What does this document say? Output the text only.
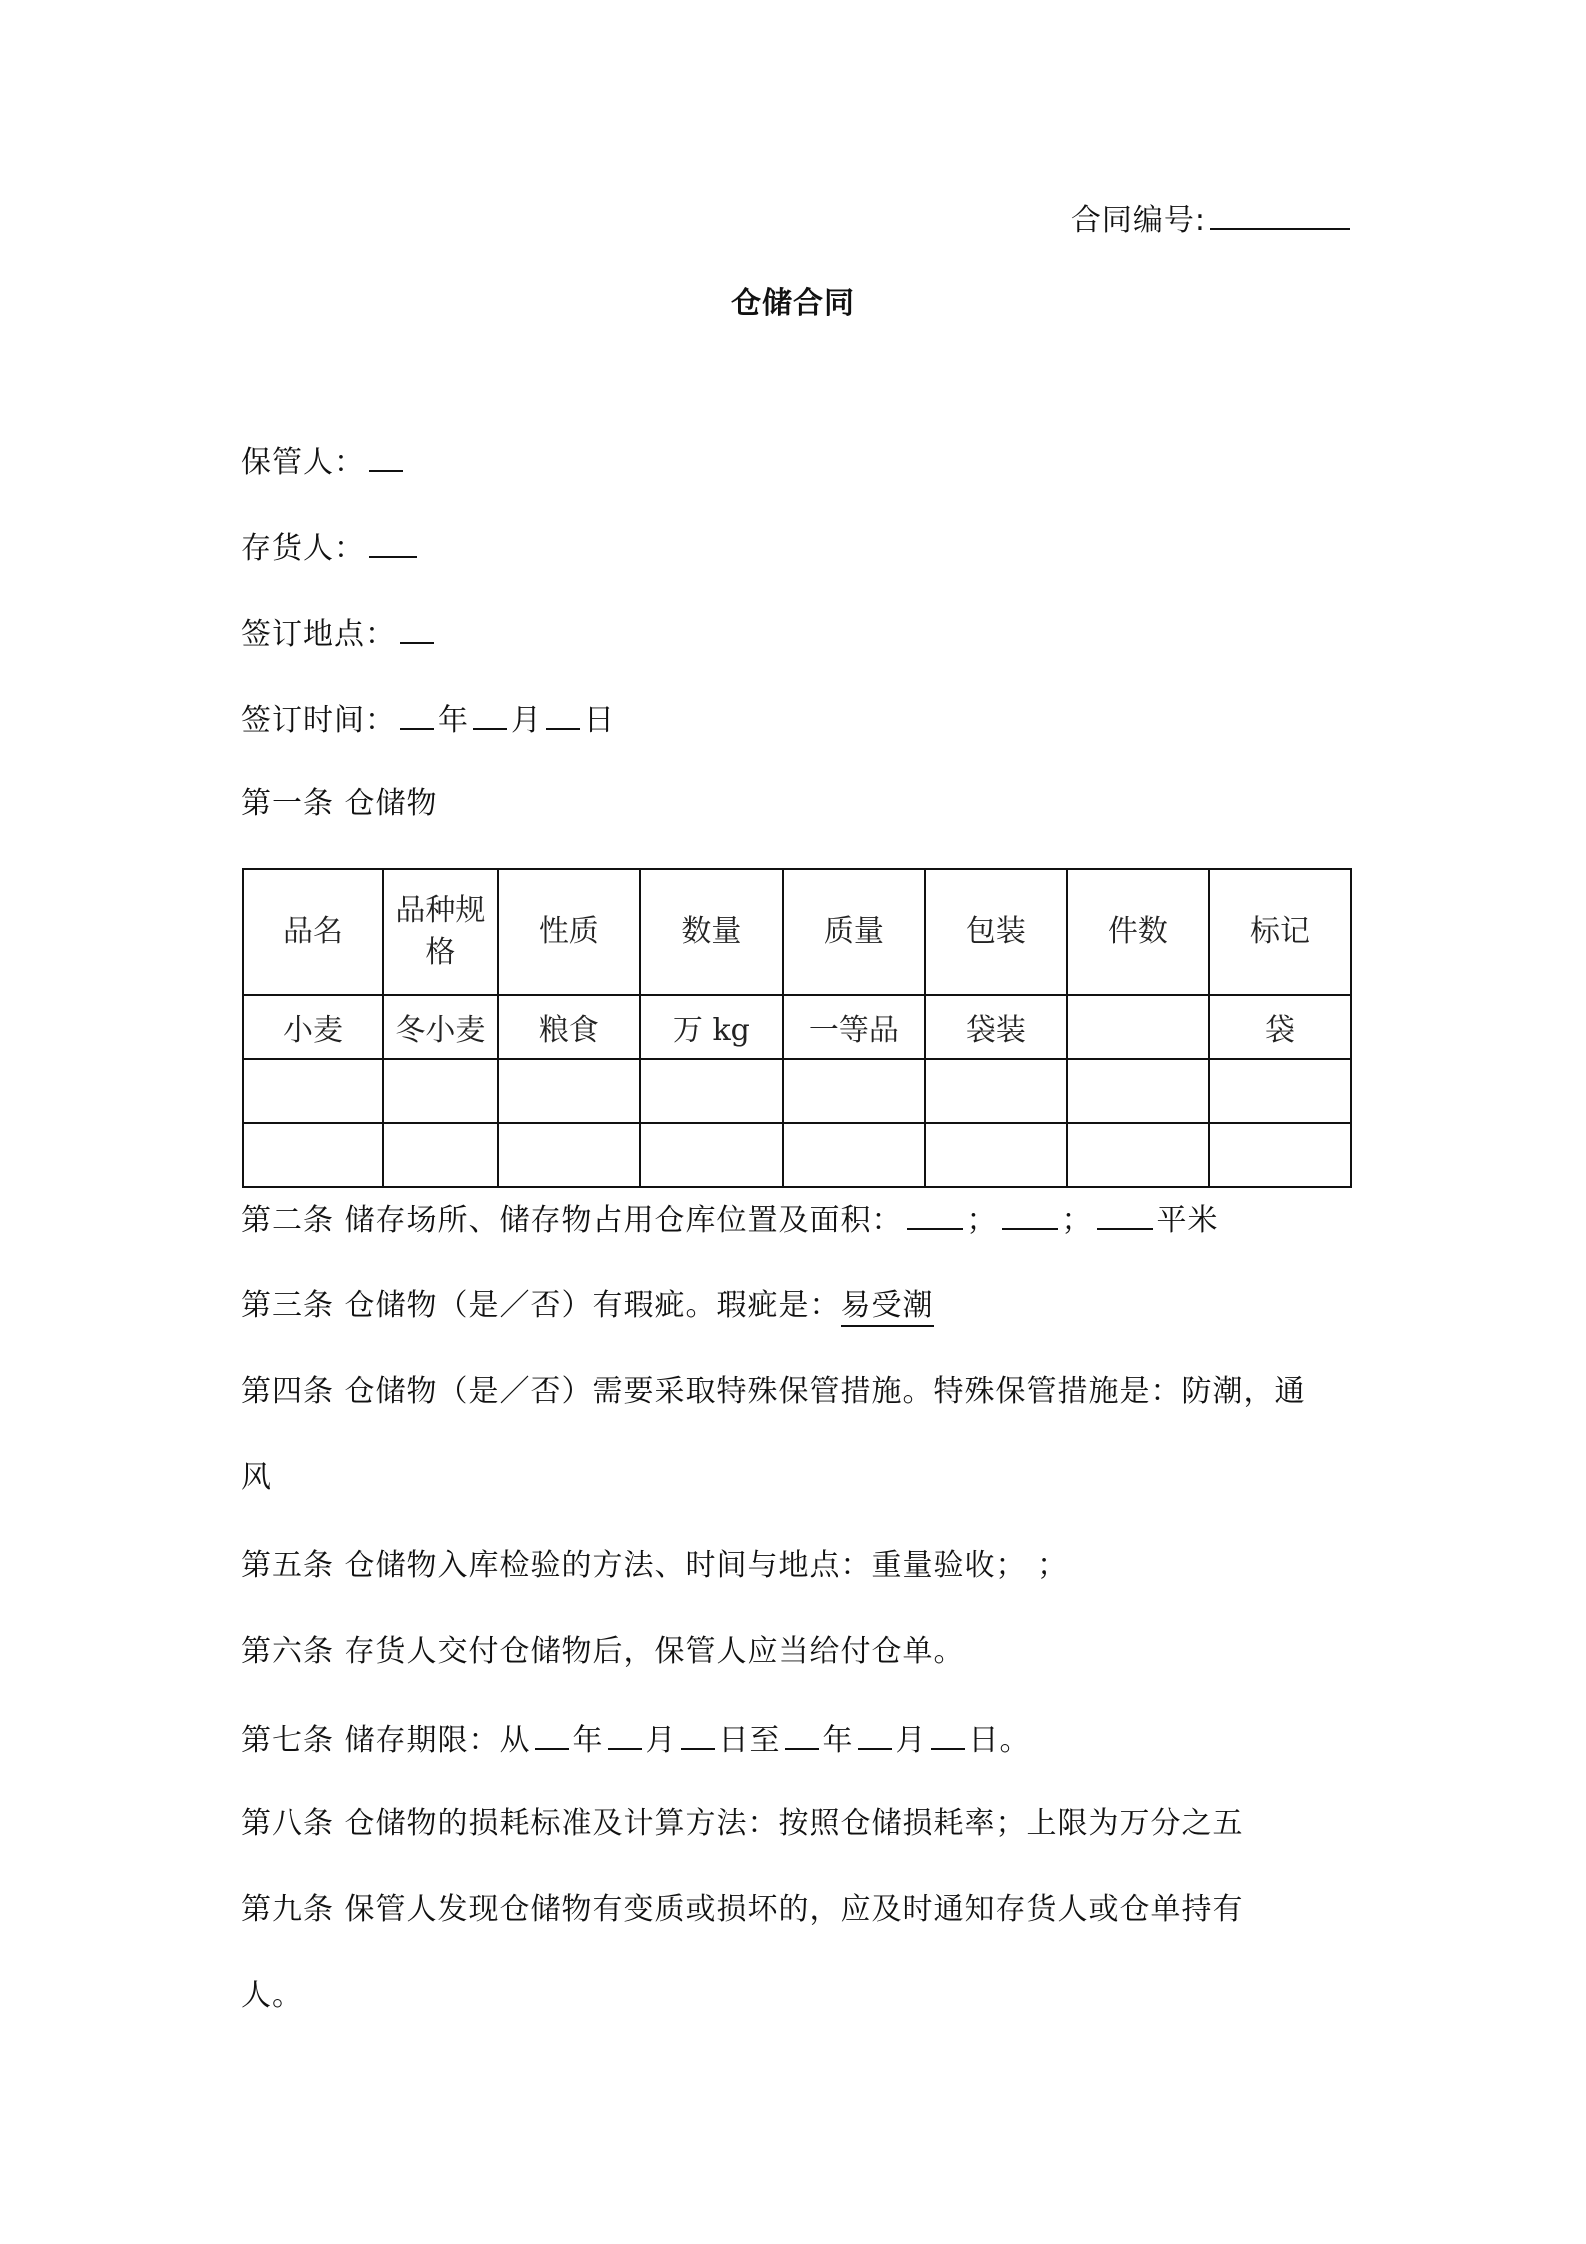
合同编号:
仓储合同
保管人：
存货人：
签订地点：
签订时间： 年 月 日
第一条 仓储物
品名	品种规格	性质	数量	质量	包装	件数	标记
小麦	冬小麦	粮食	万 kg	一等品	袋装		袋

第二条 储存场所、储存物占用仓库位置及面积： ； ； 平米
第三条 仓储物（是／否）有瑕疵。瑕疵是：易受潮
第四条 仓储物（是／否）需要采取特殊保管措施。特殊保管措施是：防潮，通
风
第五条 仓储物入库检验的方法、时间与地点：重量验收； ；
第六条 存货人交付仓储物后，保管人应当给付仓单。
第七条 储存期限：从 年 月 日至 年 月 日。
第八条 仓储物的损耗标准及计算方法：按照仓储损耗率；上限为万分之五
第九条 保管人发现仓储物有变质或损坏的，应及时通知存货人或仓单持有
人。
